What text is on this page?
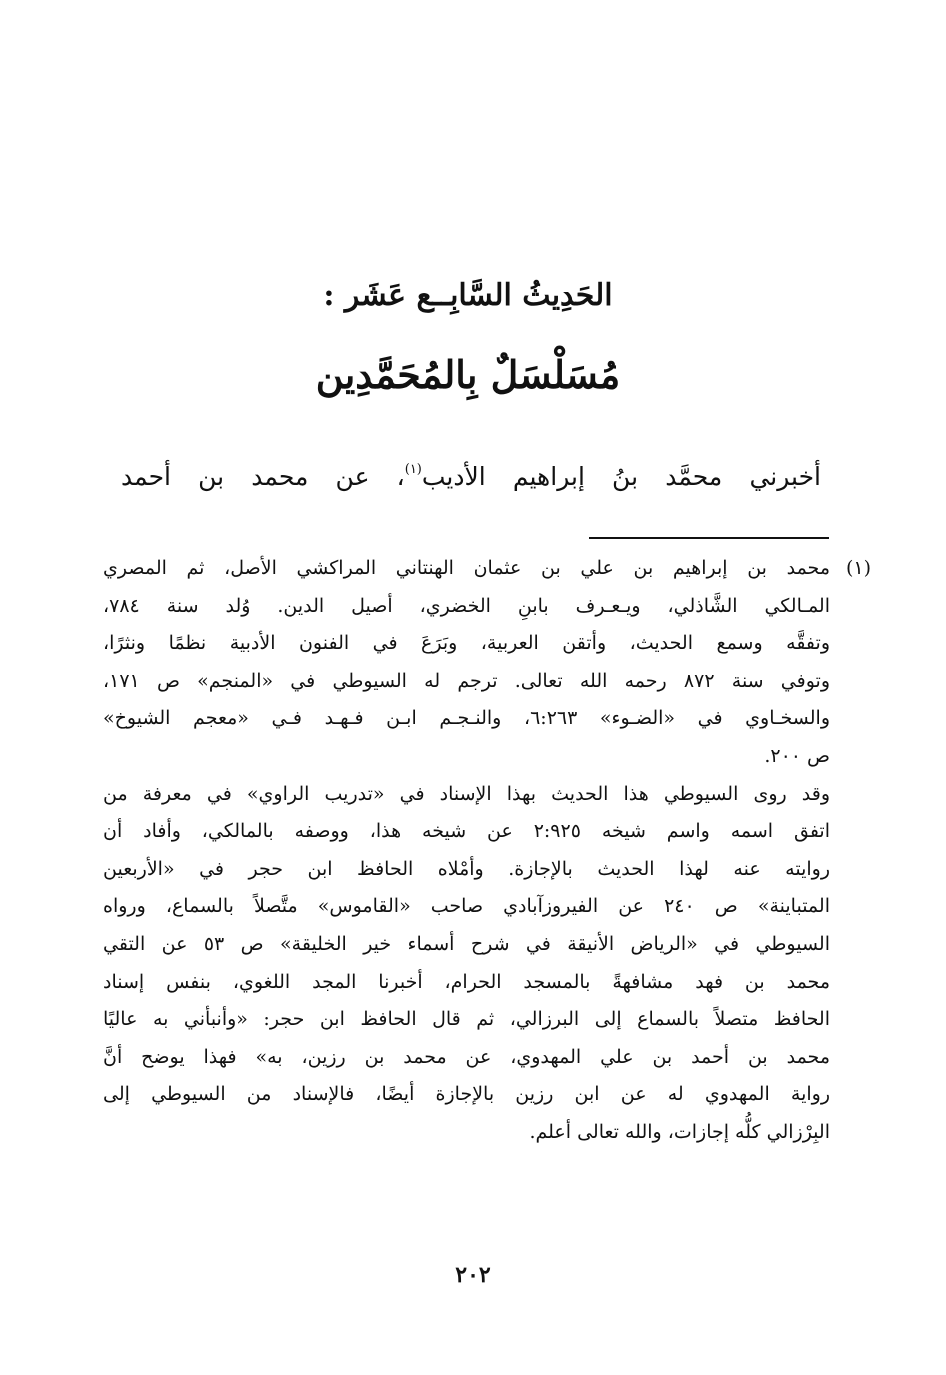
الحَدِيثُ السَّابِــع عَشَر :
مُسَلْسَلٌ بِالمُحَمَّدِين
أخبرني محمَّد بنُ إبراهيم الأديب$^{(١)}$، عن محمد بن أحمد
(١)
محمد بن إبراهيم بن علي بن عثمان الهنتاني المراكشي الأصل، ثم المصري
المـالكي الشَّاذلي، ويـعـرف بابنِ الخضري، أصيل الدين. وُلد سنة ٧٨٤،
وتفقَّه وسمع الحديث، وأتقن العربية، وبَرَعَ في الفنون الأدبية نظمًا ونثرًا،
وتوفي سنة ٨٧٢ رحمه الله تعالى. ترجم له السيوطي في «المنجم» ص ١٧١،
والسخـاوي في «الضـوء» ٦:٢٦٣، والنـجـم ابـن فـهـد فـي «معجم الشيوخ»
ص ٢٠٠.
وقد روى السيوطي هذا الحديث بهذا الإسناد في «تدريب الراوي» في معرفة من
اتفق اسمه واسم شيخه ٢:٩٢٥ عن شيخه هذا، ووصفه بالمالكي، وأفاد أن
روايته عنه لهذا الحديث بالإجازة. وأمْلاه الحافظ ابن حجر في «الأربعين
المتباينة» ص ٢٤٠ عن الفيروزآبادي صاحب «القاموس» متَّصلاً بالسماع، ورواه
السيوطي في «الرياض الأنيقة في شرح أسماء خير الخليقة» ص ٥٣ عن التقي
محمد بن فهد مشافهةً بالمسجد الحرام، أخبرنا المجد اللغوي، بنفس إسناد
الحافظ متصلاً بالسماع إلى البرزالي، ثم قال الحافظ ابن حجر: «وأنبأني به عاليًا
محمد بن أحمد بن علي المهدوي، عن محمد بن رزين، به» فهذا يوضح أنَّ
رواية المهدوي له عن ابن رزين بالإجازة أيضًا، فالإسناد من السيوطي إلى
البِرْزالي كلُّه إجازات، والله تعالى أعلم.
٢٠٢
